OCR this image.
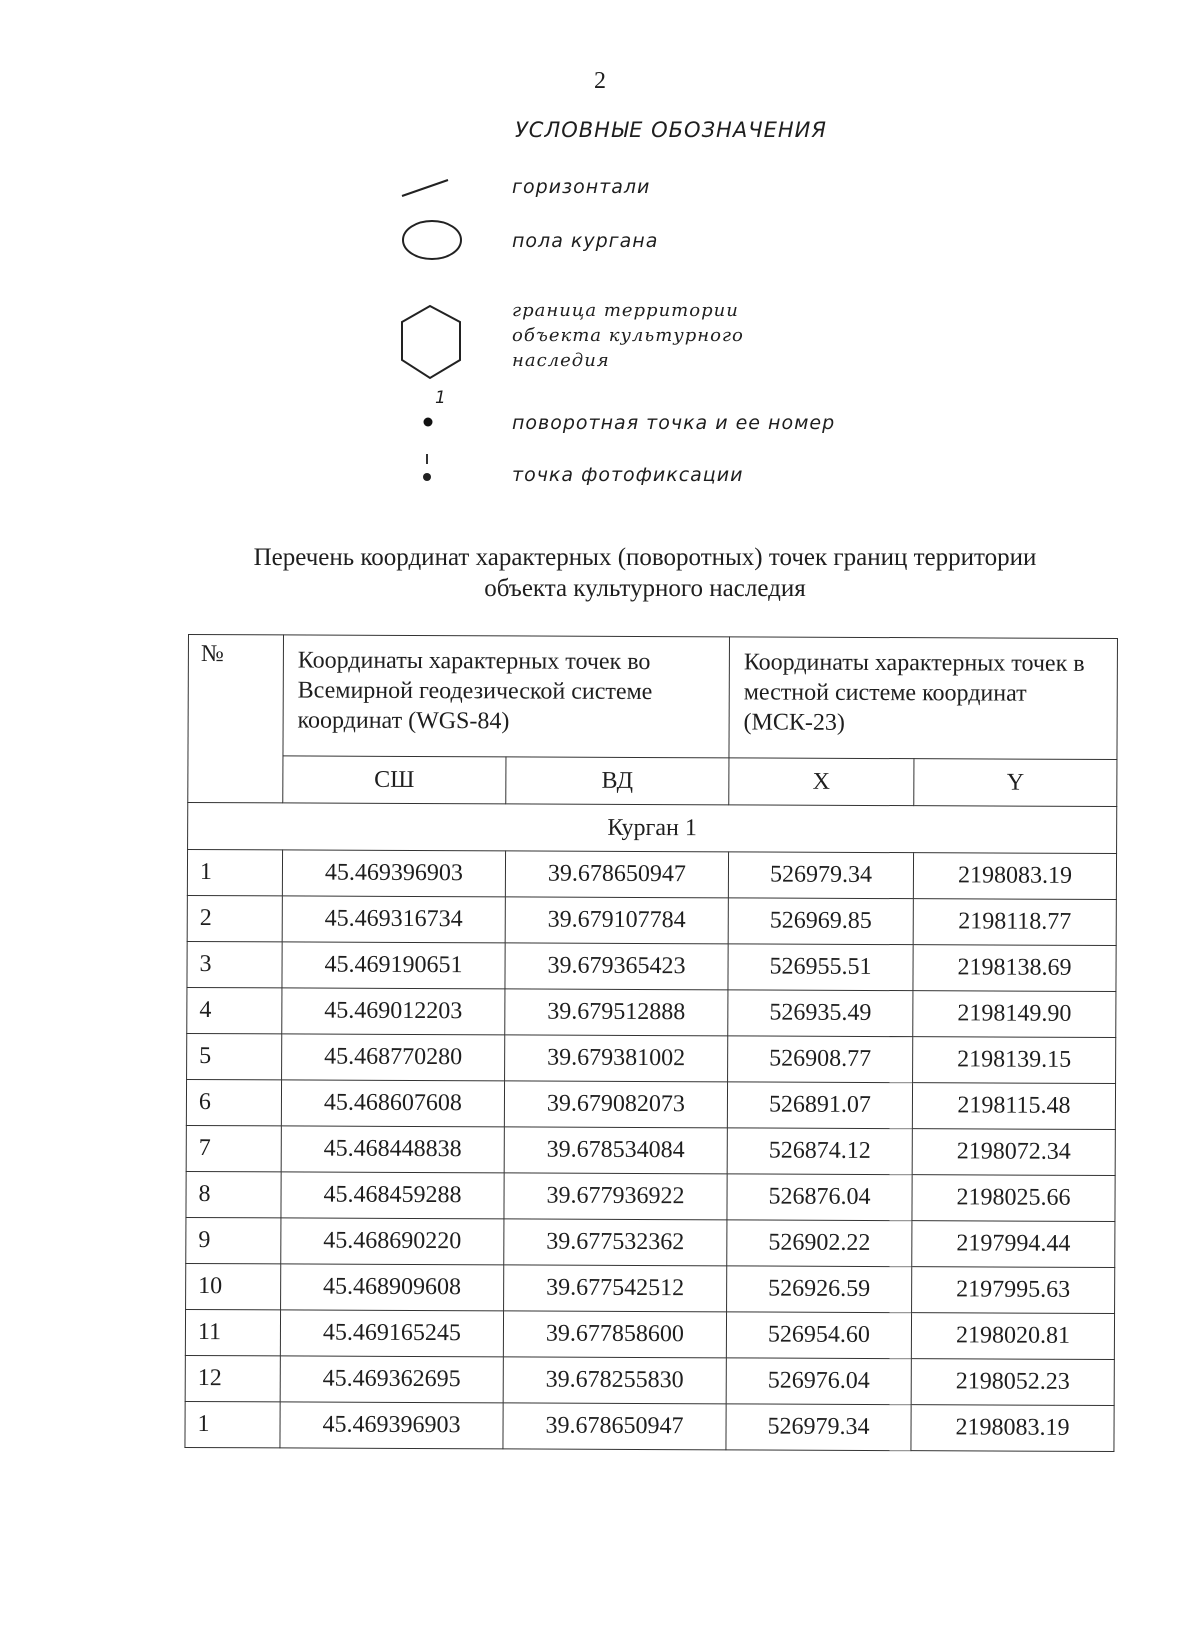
2
УСЛОВНЫЕ ОБОЗНАЧЕНИЯ
горизонтали
пола кургана
граница территории
объекта культурного
наследия
1
поворотная точка и ее номер
точка фотофиксации
Перечень координат характерных (поворотных) точек границ территории
объекта культурного наследия
№	Координаты характерных точек во Всемирной геодезической системе координат (WGS-84)		Координаты характерных точек в местной системе координат (МСК-23)	
	СШ	ВД	X	Y
Курган 1				
1	45.469396903	39.678650947	526979.34	2198083.19
2	45.469316734	39.679107784	526969.85	2198118.77
3	45.469190651	39.679365423	526955.51	2198138.69
4	45.469012203	39.679512888	526935.49	2198149.90
5	45.468770280	39.679381002	526908.77	2198139.15
6	45.468607608	39.679082073	526891.07	2198115.48
7	45.468448838	39.678534084	526874.12	2198072.34
8	45.468459288	39.677936922	526876.04	2198025.66
9	45.468690220	39.677532362	526902.22	2197994.44
10	45.468909608	39.677542512	526926.59	2197995.63
11	45.469165245	39.677858600	526954.60	2198020.81
12	45.469362695	39.678255830	526976.04	2198052.23
1	45.469396903	39.678650947	526979.34	2198083.19
